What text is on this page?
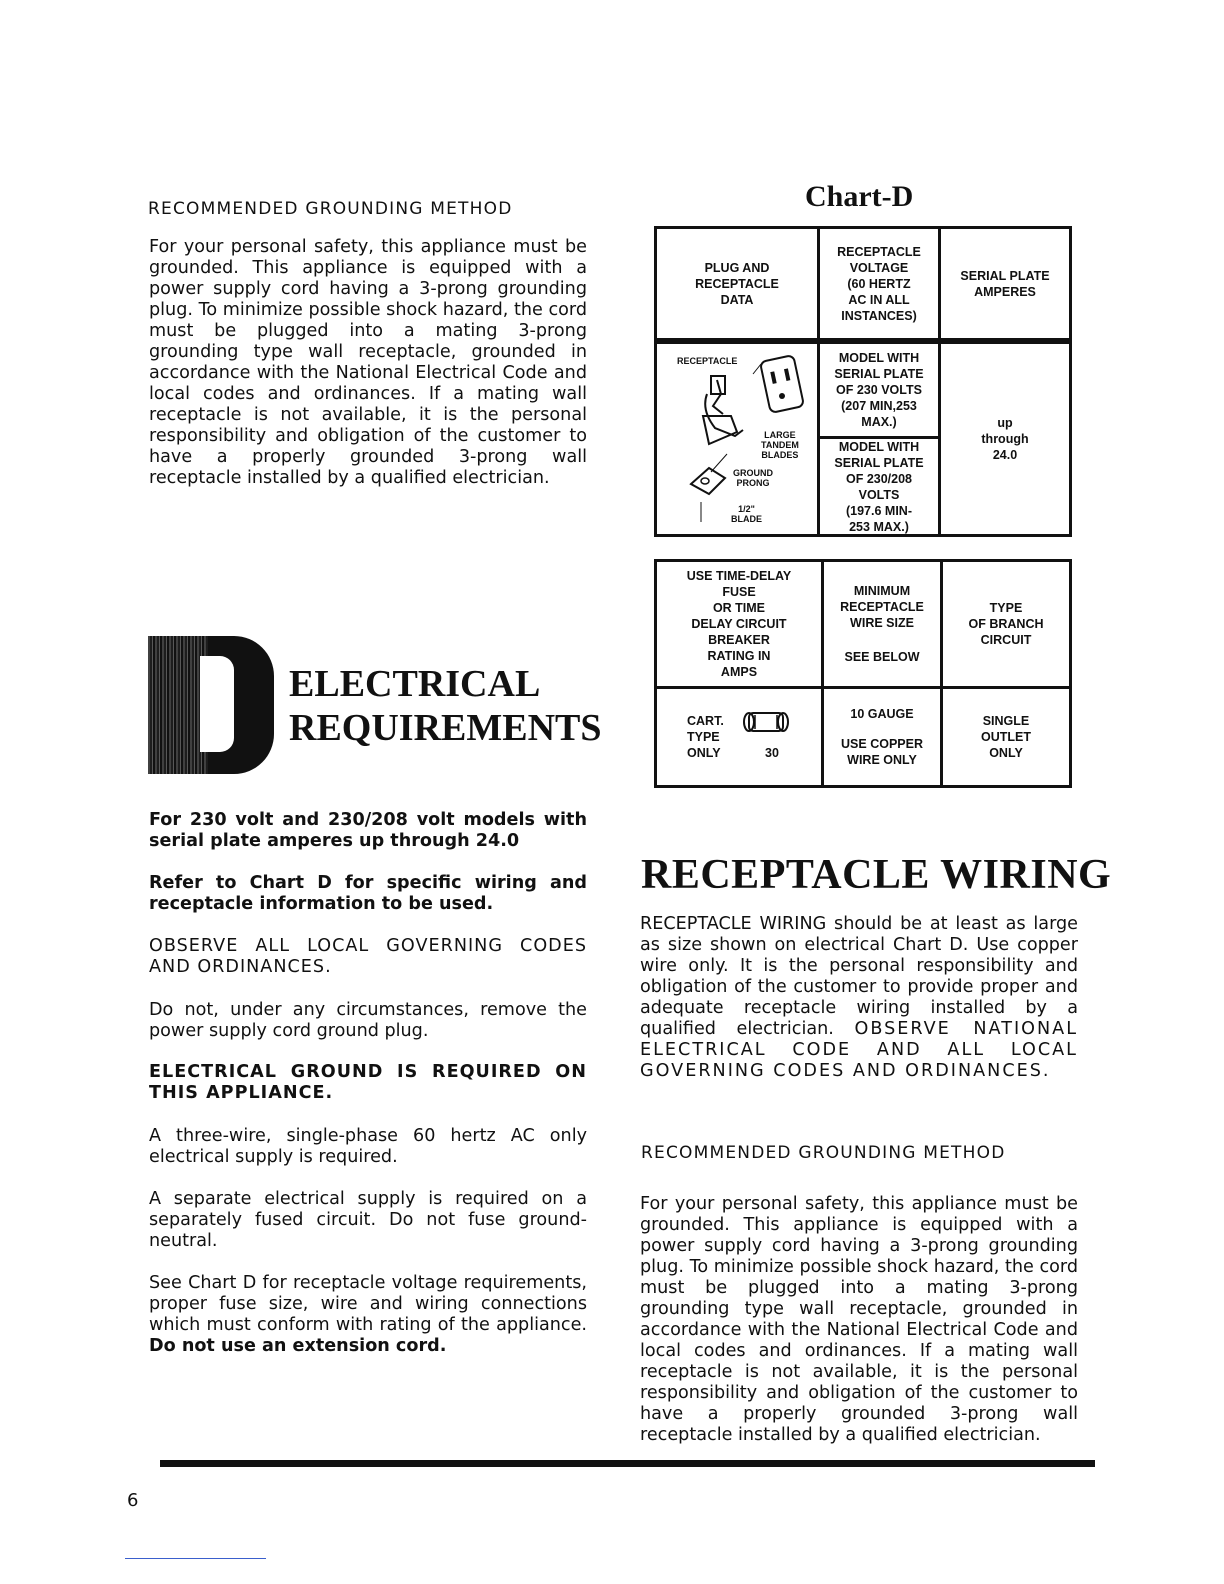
RECOMMENDED GROUNDING METHOD
For your personal safety, this appliance must be grounded. This appliance is equipped with a power supply cord having a 3-prong grounding plug. To minimize possible shock hazard, the cord must be plugged into a mating 3-prong grounding type wall receptacle, grounded in accordance with the National Electrical Code and local codes and ordinances. If a mating wall receptacle is not available, it is the personal responsibility and obligation of the customer to have a properly grounded 3-prong wall receptacle installed by a qualified electrician.
ELECTRICAL
REQUIREMENTS
For 230 volt and 230/208 volt models with serial plate amperes up through 24.0
Refer to Chart D for specific wiring and receptacle information to be used.
OBSERVE ALL LOCAL GOVERNING CODES AND ORDINANCES.
Do not, under any circumstances, remove the power supply cord ground plug.
ELECTRICAL GROUND IS REQUIRED ON THIS APPLIANCE.
A three-wire, single-phase 60 hertz AC only electrical supply is required.
A separate electrical supply is required on a separately fused circuit. Do not fuse ground-neutral.
See Chart D for receptacle voltage requirements, proper fuse size, wire and wiring connections which must conform with rating of the appliance. Do not use an extension cord.
Chart-D
PLUG AND
RECEPTACLE
DATA
RECEPTACLE
VOLTAGE
(60 HERTZ
AC IN ALL
INSTANCES)
SERIAL PLATE
AMPERES
RECEPTACLE
LARGE
TANDEM
BLADES
GROUND
PRONG
1/2"
BLADE
MODEL WITH
SERIAL PLATE
OF 230 VOLTS
(207 MIN,253
MAX.)
MODEL WITH
SERIAL PLATE
OF 230/208
VOLTS
(197.6 MIN-
253 MAX.)
up
through
24.0
USE TIME-DELAY
FUSE
OR TIME
DELAY CIRCUIT
BREAKER
RATING IN
AMPS
MINIMUM
RECEPTACLE
WIRE SIZE
SEE BELOW
TYPE
OF BRANCH
CIRCUIT
CART.
TYPE
ONLY	30
10 GAUGE
USE COPPER
WIRE ONLY
SINGLE
OUTLET
ONLY
RECEPTACLE WIRING
RECEPTACLE WIRING should be at least as large as size shown on electrical Chart D. Use copper wire only. It is the personal responsibility and obligation of the customer to provide proper and adequate receptacle wiring installed by a qualified electrician. OBSERVE NATIONAL ELECTRICAL CODE AND ALL LOCAL GOVERNING CODES AND ORDINANCES.
RECOMMENDED GROUNDING METHOD
For your personal safety, this appliance must be grounded. This appliance is equipped with a power supply cord having a 3-prong grounding plug. To minimize possible shock hazard, the cord must be plugged into a mating 3-prong grounding type wall receptacle, grounded in accordance with the National Electrical Code and local codes and ordinances. If a mating wall receptacle is not available, it is the personal responsibility and obligation of the customer to have a properly grounded 3-prong wall receptacle installed by a qualified electrician.
6
